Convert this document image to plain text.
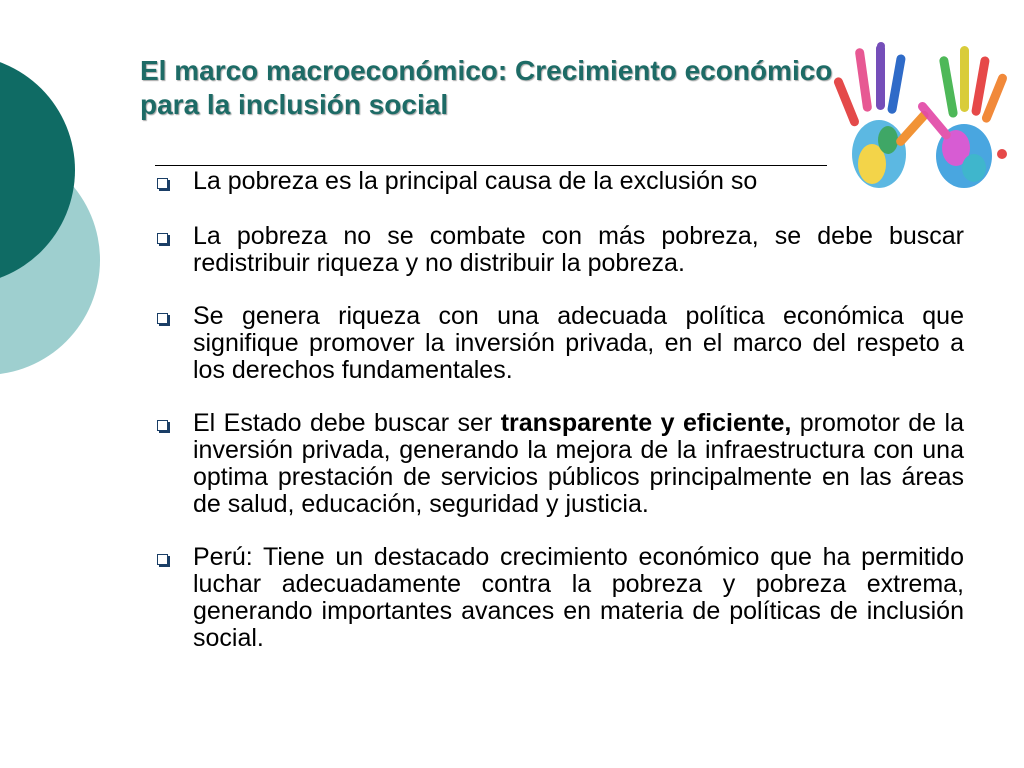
El marco macroeconómico: Crecimiento económico para la inclusión social
La pobreza es la principal causa de la exclusión so
La pobreza no se combate con más pobreza, se debe buscar redistribuir riqueza y no distribuir la pobreza.
Se genera riqueza con una adecuada política económica que signifique promover la inversión privada, en el marco del respeto a los derechos fundamentales.
El Estado debe buscar ser transparente y eficiente, promotor de la inversión privada, generando la mejora de la infraestructura con una optima prestación de servicios públicos principalmente en las áreas de salud, educación, seguridad y justicia.
Perú: Tiene un destacado crecimiento económico que ha permitido luchar adecuadamente contra la pobreza y pobreza extrema, generando importantes avances en materia de políticas de inclusión social.
